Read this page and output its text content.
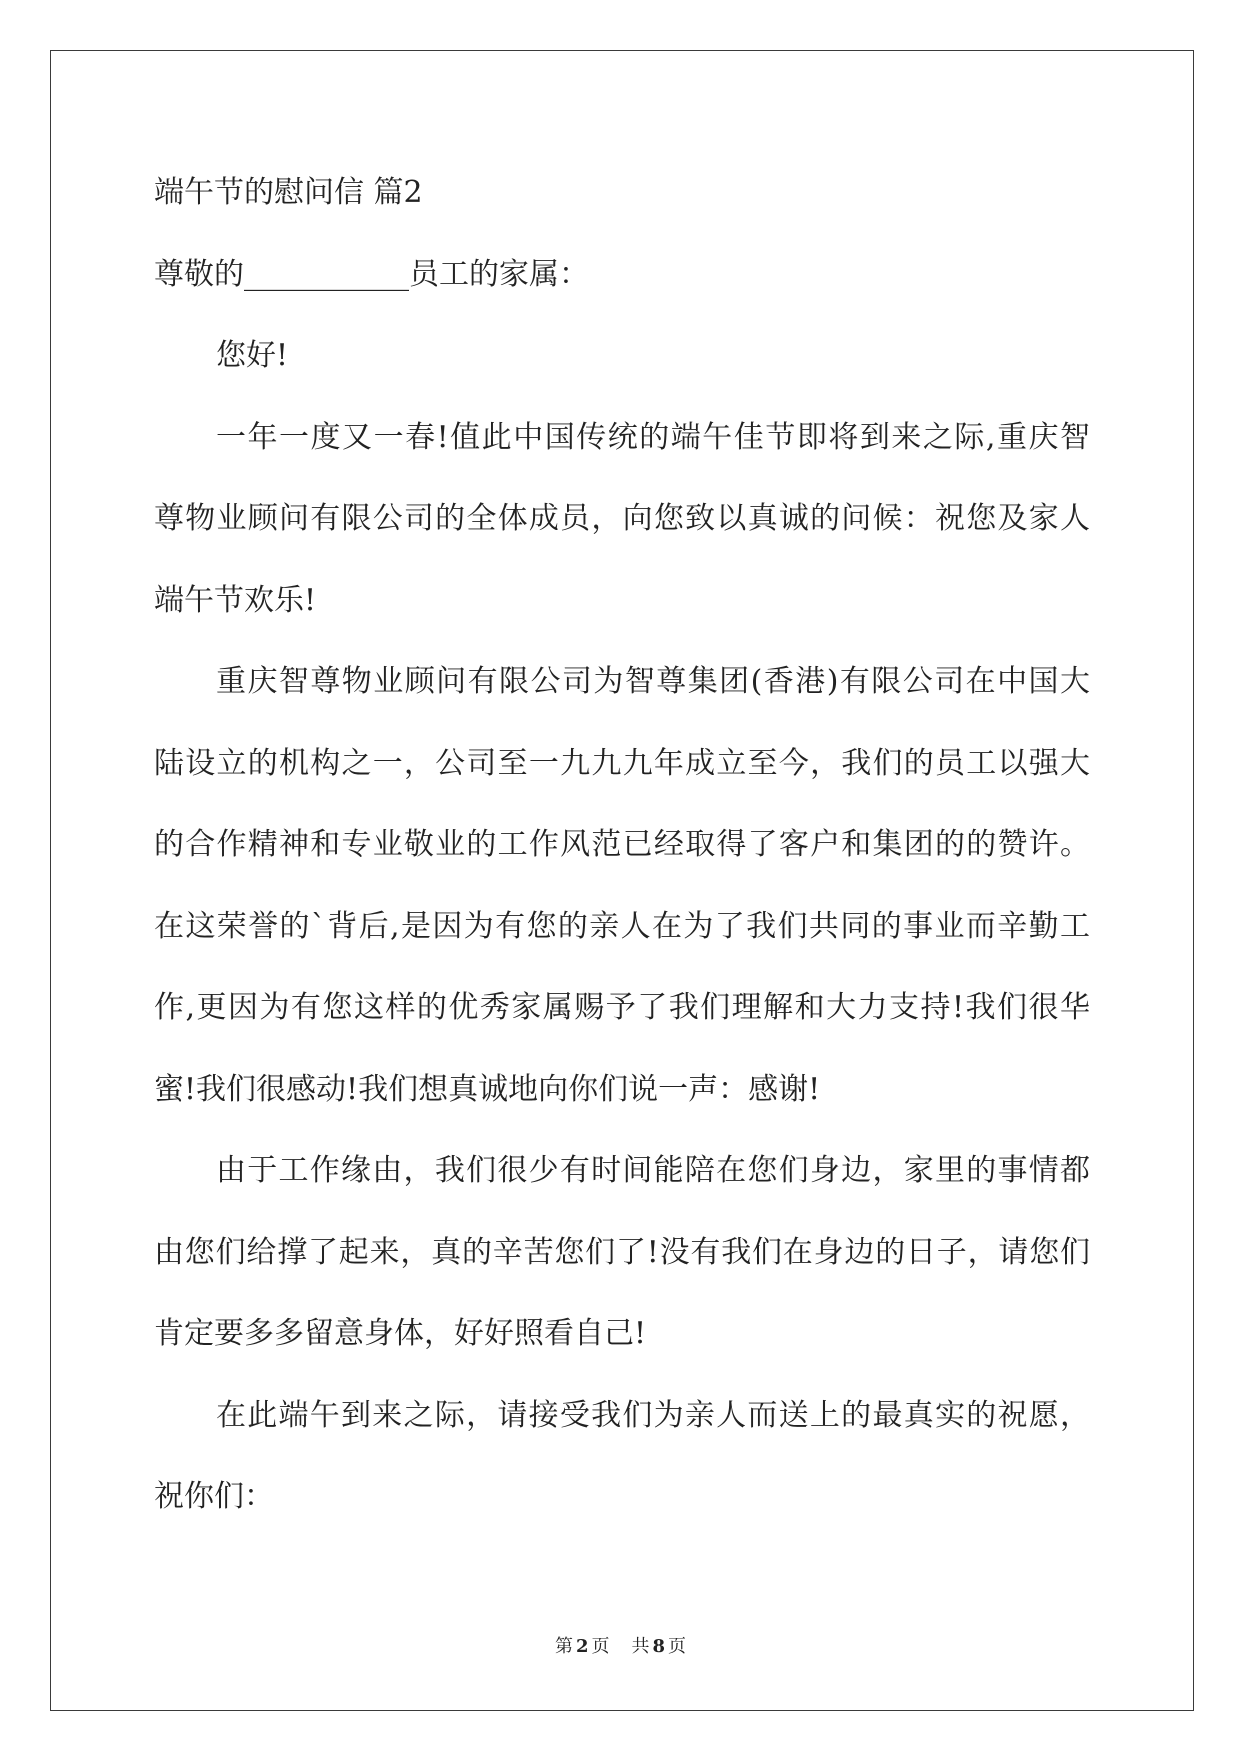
端午节的慰问信 篇2
尊敬的___________员工的家属：
您好!
一年一度又一春!值此中国传统的端午佳节即将到来之际,重庆智
尊物业顾问有限公司的全体成员，向您致以真诚的问候：祝您及家人
端午节欢乐!
重庆智尊物业顾问有限公司为智尊集团(香港)有限公司在中国大
陆设立的机构之一，公司至一九九九年成立至今，我们的员工以强大
的合作精神和专业敬业的工作风范已经取得了客户和集团的的赞许。
在这荣誉的`背后,是因为有您的亲人在为了我们共同的事业而辛勤工
作,更因为有您这样的优秀家属赐予了我们理解和大力支持!我们很华
蜜!我们很感动!我们想真诚地向你们说一声：感谢!
由于工作缘由，我们很少有时间能陪在您们身边，家里的事情都
由您们给撑了起来，真的辛苦您们了!没有我们在身边的日子，请您们
肯定要多多留意身体，好好照看自己!
在此端午到来之际，请接受我们为亲人而送上的最真实的祝愿，
祝你们：
第 2 页 共 8 页
